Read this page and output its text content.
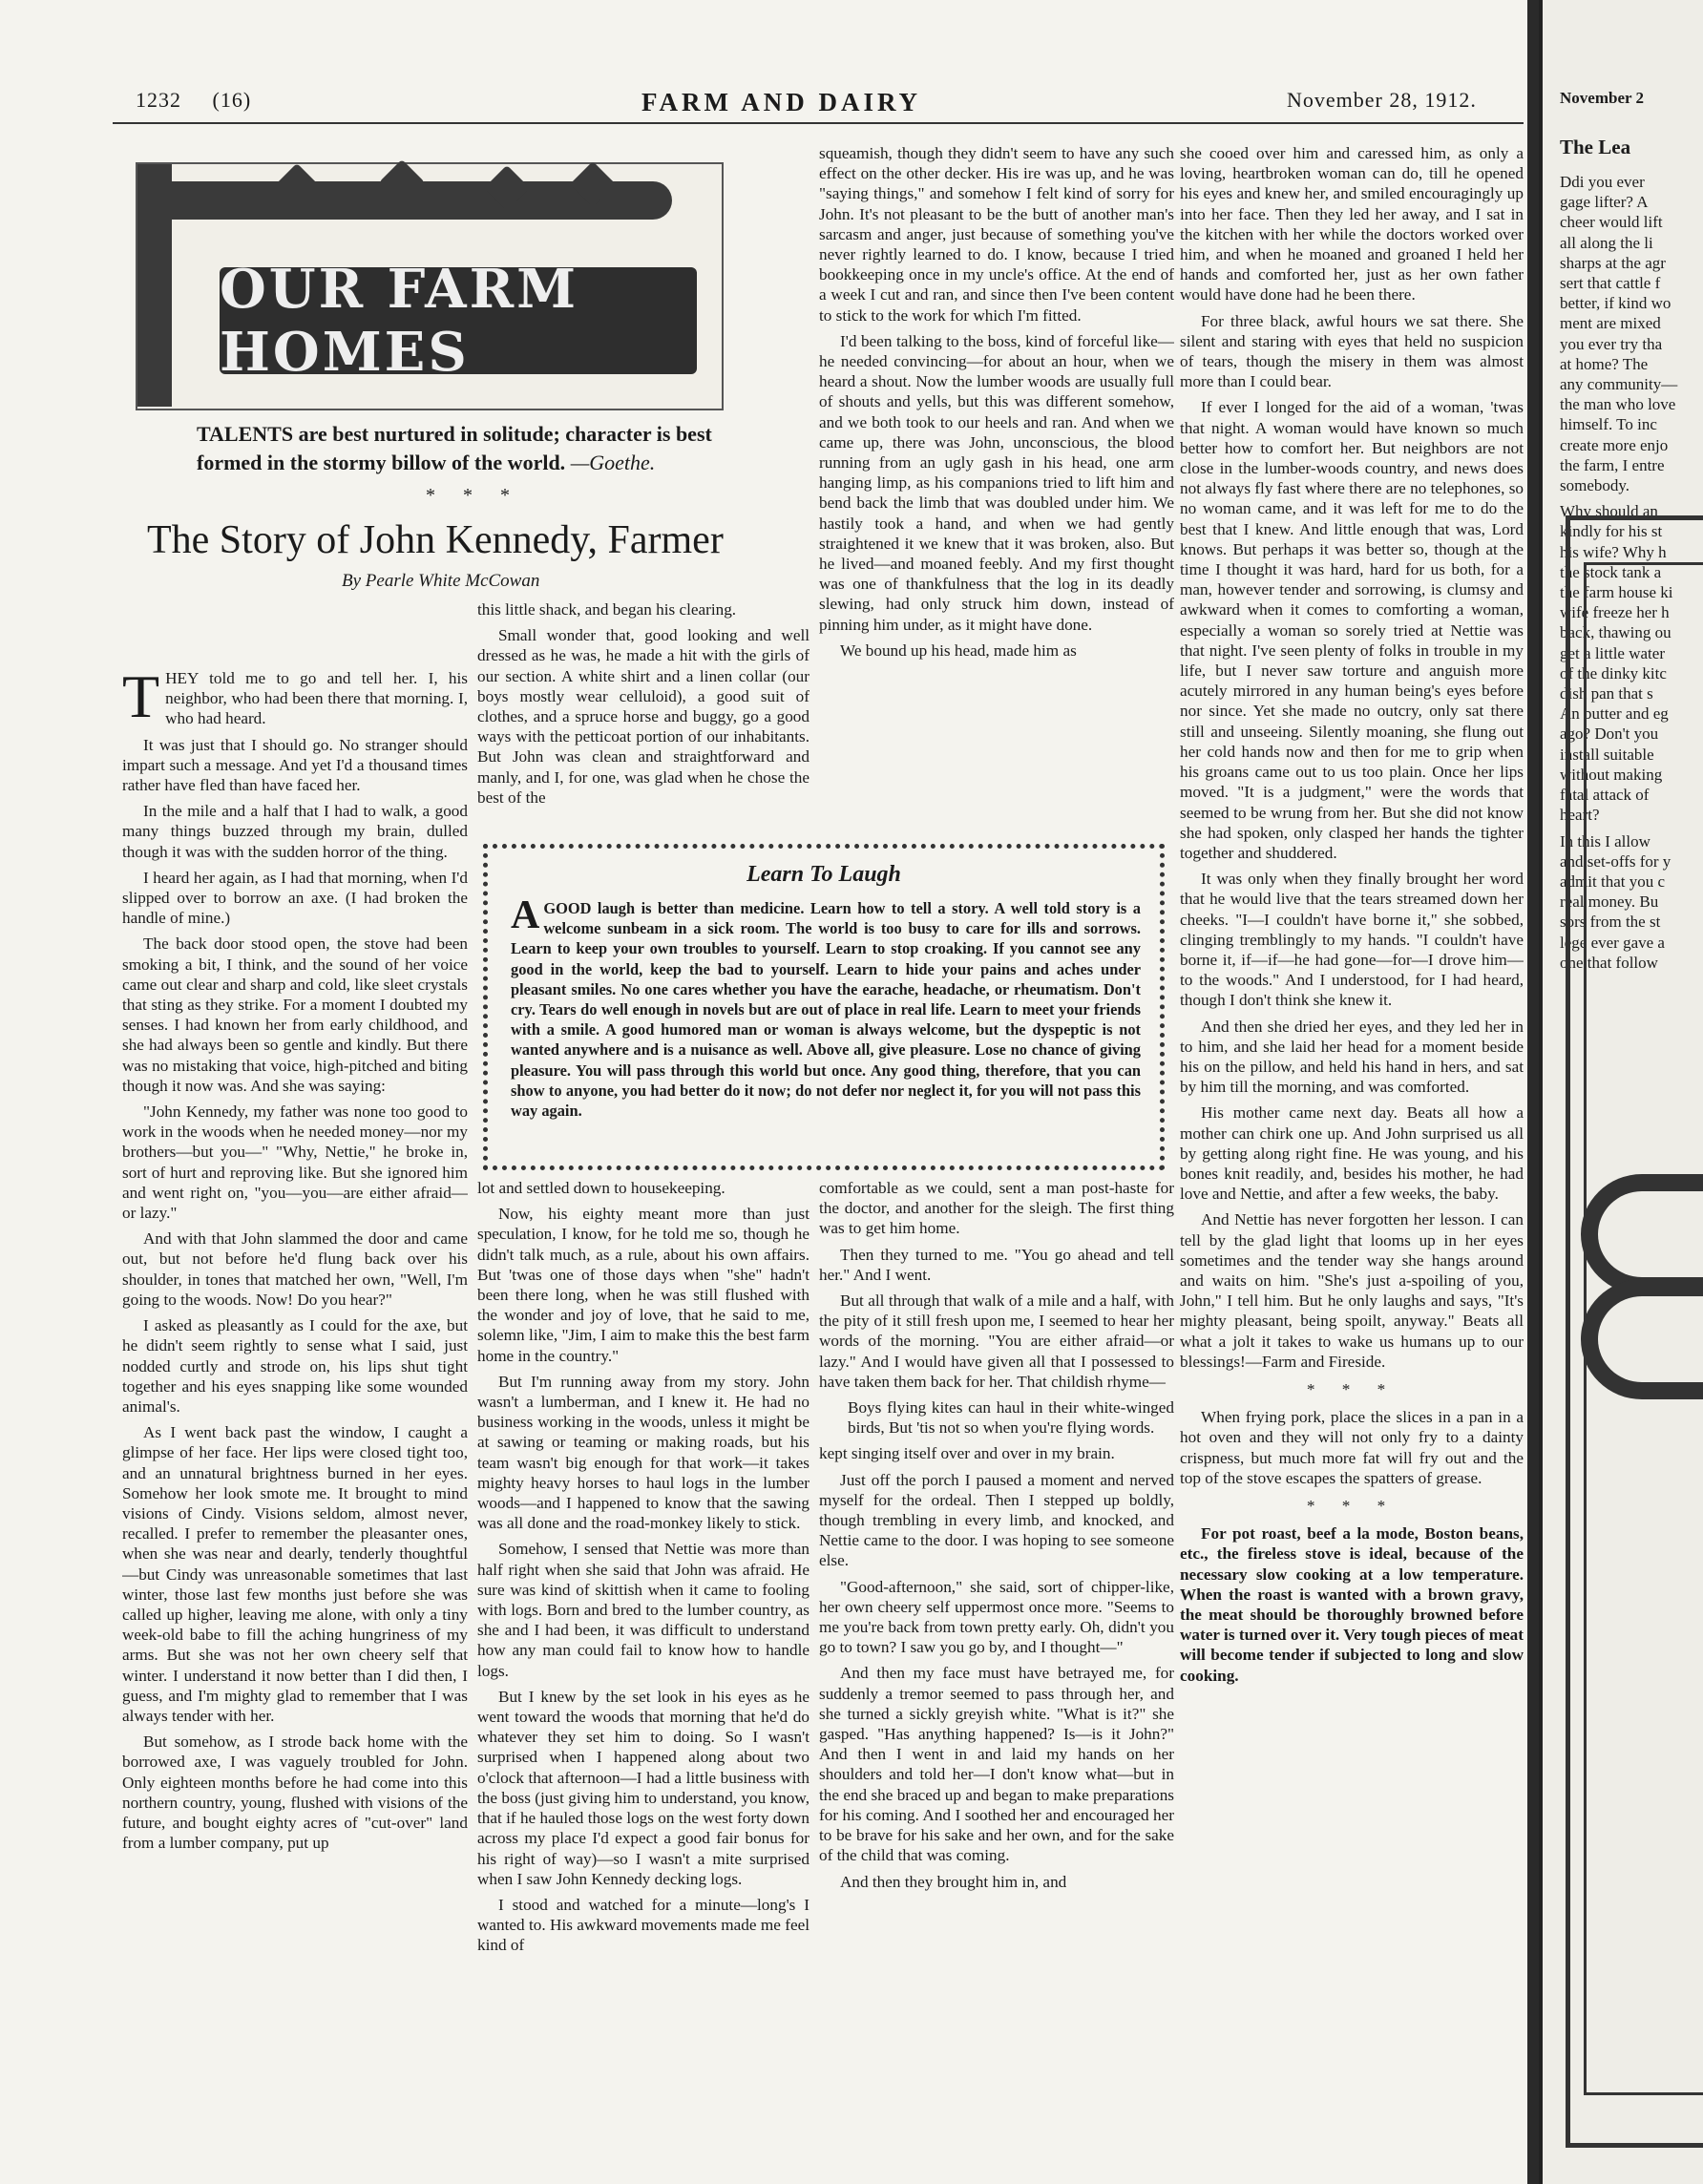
1232 (16)	FARM AND DAIRY	November 28, 1912.
OUR FARM HOMES
TALENTS are best nurtured in solitude; character is best formed in the stormy billow of the world. —Goethe.
* * *
The Story of John Kennedy, Farmer
By Pearle White McCowan

THEY told me to go and tell her. I, his neighbor, who had been there that morning. I, who had heard.

It was just that I should go. No stranger should impart such a message. And yet I'd a thousand times rather have fled than have faced her.

In the mile and a half that I had to walk, a good many things buzzed through my brain, dulled though it was with the sudden horror of the thing.

I heard her again, as I had that morning, when I'd slipped over to borrow an axe. (I had broken the handle of mine.)

The back door stood open, the stove had been smoking a bit, I think, and the sound of her voice came out clear and sharp and cold, like sleet crystals that sting as they strike. For a moment I doubted my senses. I had known her from early childhood, and she had always been so gentle and kindly. But there was no mistaking that voice, high-pitched and biting though it now was. And she was saying:

"John Kennedy, my father was none too good to work in the woods when he needed money—nor my brothers—but you—" "Why, Nettie," he broke in, sort of hurt and reproving like. But she ignored him and went right on, "you—you—are either afraid—or lazy."

And with that John slammed the door and came out, but not before he'd flung back over his shoulder, in tones that matched her own, "Well, I'm going to the woods. Now! Do you hear?"

I asked as pleasantly as I could for the axe, but he didn't seem rightly to sense what I said, just nodded curtly and strode on, his lips shut tight together and his eyes snapping like some wounded animal's.

As I went back past the window, I caught a glimpse of her face. Her lips were closed tight too, and an unnatural brightness burned in her eyes. Somehow her look smote me. It brought to mind visions of Cindy. Visions seldom, almost never, recalled. I prefer to remember the pleasanter ones, when she was near and dearly, tenderly thoughtful—but Cindy was unreasonable sometimes that last winter, those last few months just before she was called up higher, leaving me alone, with only a tiny week-old babe to fill the aching hungriness of my arms. But she was not her own cheery self that winter. I understand it now better than I did then, I guess, and I'm mighty glad to remember that I was always tender with her.

But somehow, as I strode back home with the borrowed axe, I was vaguely troubled for John. Only eighteen months before he had come into this northern country, young, flushed with visions of the future, and bought eighty acres of "cut-over" land from a lumber company, put up

this little shack, and began his clearing.

Small wonder that, good looking and well dressed as he was, he made a hit with the girls of our section. A white shirt and a linen collar (our boys mostly wear celluloid), a good suit of clothes, and a spruce horse and buggy, go a good ways with the petticoat portion of our inhabitants. But John was clean and straightforward and manly, and I, for one, was glad when he chose the best of the

squeamish, though they didn't seem to have any such effect on the other decker. His ire was up, and he was "saying things," and somehow I felt kind of sorry for John. It's not pleasant to be the butt of another man's sarcasm and anger, just because of something you've never rightly learned to do. I know, because I tried bookkeeping once in my uncle's office. At the end of a week I cut and ran, and since then I've been content to stick to the work for which I'm fitted.

I'd been talking to the boss, kind of forceful like—he needed convincing—for about an hour, when we heard a shout. Now the lumber woods are usually full of shouts and yells, but this was different somehow, and we both took to our heels and ran. And when we came up, there was John, unconscious, the blood running from an ugly gash in his head, one arm hanging limp, as his companions tried to lift him and bend back the limb that was doubled under him. We hastily took a hand, and when we had gently straightened it we knew that it was broken, also. But he lived—and moaned feebly. And my first thought was one of thankfulness that the log in its deadly slewing, had only struck him down, instead of pinning him under, as it might have done.

We bound up his head, made him as

Learn To Laugh
AGOOD laugh is better than medicine. Learn how to tell a story. A well told story is a welcome sunbeam in a sick room. The world is too busy to care for ills and sorrows. Learn to keep your own troubles to yourself. Learn to stop croaking. If you cannot see any good in the world, keep the bad to yourself. Learn to hide your pains and aches under pleasant smiles. No one cares whether you have the earache, headache, or rheumatism. Don't cry. Tears do well enough in novels but are out of place in real life. Learn to meet your friends with a smile. A good humored man or woman is always welcome, but the dyspeptic is not wanted anywhere and is a nuisance as well. Above all, give pleasure. Lose no chance of giving pleasure. You will pass through this world but once. Any good thing, therefore, that you can show to anyone, you had better do it now; do not defer nor neglect it, for you will not pass this way again.

lot and settled down to housekeeping.

Now, his eighty meant more than just speculation, I know, for he told me so, though he didn't talk much, as a rule, about his own affairs. But 'twas one of those days when "she" hadn't been there long, when he was still flushed with the wonder and joy of love, that he said to me, solemn like, "Jim, I aim to make this the best farm home in the country."

But I'm running away from my story. John wasn't a lumberman, and I knew it. He had no business working in the woods, unless it might be at sawing or teaming or making roads, but his team wasn't big enough for that work—it takes mighty heavy horses to haul logs in the lumber woods—and I happened to know that the sawing was all done and the road-monkey likely to stick.

Somehow, I sensed that Nettie was more than half right when she said that John was afraid. He sure was kind of skittish when it came to fooling with logs. Born and bred to the lumber country, as she and I had been, it was difficult to understand how any man could fail to know how to handle logs.

But I knew by the set look in his eyes as he went toward the woods that morning that he'd do whatever they set him to doing. So I wasn't surprised when I happened along about two o'clock that afternoon—I had a little business with the boss (just giving him to understand, you know, that if he hauled those logs on the west forty down across my place I'd expect a good fair bonus for his right of way)—so I wasn't a mite surprised when I saw John Kennedy decking logs.

I stood and watched for a minute—long's I wanted to. His awkward movements made me feel kind of

comfortable as we could, sent a man post-haste for the doctor, and another for the sleigh. The first thing was to get him home.

Then they turned to me. "You go ahead and tell her." And I went.

But all through that walk of a mile and a half, with the pity of it still fresh upon me, I seemed to hear her words of the morning. "You are either afraid—or lazy." And I would have given all that I possessed to have taken them back for her. That childish rhyme—

Boys flying kites can haul in their white-winged birds, But 'tis not so when you're flying words.

kept singing itself over and over in my brain.

Just off the porch I paused a moment and nerved myself for the ordeal. Then I stepped up boldly, though trembling in every limb, and knocked, and Nettie came to the door. I was hoping to see someone else.

"Good-afternoon," she said, sort of chipper-like, her own cheery self uppermost once more. "Seems to me you're back from town pretty early. Oh, didn't you go to town? I saw you go by, and I thought—"

And then my face must have betrayed me, for suddenly a tremor seemed to pass through her, and she turned a sickly greyish white. "What is it?" she gasped. "Has anything happened? Is—is it John?" And then I went in and laid my hands on her shoulders and told her—I don't know what—but in the end she braced up and began to make preparations for his coming. And I soothed her and encouraged her to be brave for his sake and her own, and for the sake of the child that was coming.

And then they brought him in, and

she cooed over him and caressed him, as only a loving, heartbroken woman can do, till he opened his eyes and knew her, and smiled encouragingly up into her face. Then they led her away, and I sat in the kitchen with her while the doctors worked over him, and when he moaned and groaned I held her hands and comforted her, just as her own father would have done had he been there.

For three black, awful hours we sat there. She silent and staring with eyes that held no suspicion of tears, though the misery in them was almost more than I could bear.

If ever I longed for the aid of a woman, 'twas that night. A woman would have known so much better how to comfort her. But neighbors are not close in the lumber-woods country, and news does not always fly fast where there are no telephones, so no woman came, and it was left for me to do the best that I knew. And little enough that was, Lord knows. But perhaps it was better so, though at the time I thought it was hard, hard for us both, for a man, however tender and sorrowing, is clumsy and awkward when it comes to comforting a woman, especially a woman so sorely tried at Nettie was that night. I've seen plenty of folks in trouble in my life, but I never saw torture and anguish more acutely mirrored in any human being's eyes before nor since. Yet she made no outcry, only sat there still and unseeing. Silently moaning, she flung out her cold hands now and then for me to grip when his groans came out to us too plain. Once her lips moved. "It is a judgment," were the words that seemed to be wrung from her. But she did not know she had spoken, only clasped her hands the tighter together and shuddered.

It was only when they finally brought her word that he would live that the tears streamed down her cheeks. "I—I couldn't have borne it," she sobbed, clinging tremblingly to my hands. "I couldn't have borne it, if—if—he had gone—for—I drove him—to the woods." And I understood, for I had heard, though I don't think she knew it.

And then she dried her eyes, and they led her in to him, and she laid her head for a moment beside his on the pillow, and held his hand in hers, and sat by him till the morning, and was comforted.

His mother came next day. Beats all how a mother can chirk one up. And John surprised us all by getting along right fine. He was young, and his bones knit readily, and, besides his mother, he had love and Nettie, and after a few weeks, the baby.

And Nettie has never forgotten her lesson. I can tell by the glad light that looms up in her eyes sometimes and the tender way she hangs around and waits on him. "She's just a-spoiling of you, John," I tell him. But he only laughs and says, "It's mighty pleasant, being spoilt, anyway." Beats all what a jolt it takes to wake us humans up to our blessings!—Farm and Fireside.

* * *

When frying pork, place the slices in a pan in a hot oven and they will not only fry to a dainty crispness, but much more fat will fry out and the top of the stove escapes the spatters of grease.

* * *

For pot roast, beef a la mode, Boston beans, etc., the fireless stove is ideal, because of the necessary slow cooking at a low temperature. When the roast is wanted with a brown gravy, the meat should be thoroughly browned before water is turned over it. Very tough pieces of meat will become tender if subjected to long and slow cooking.

November 2
The Lea
Ddi you ever
gage lifter? A
cheer would lift
all along the li
sharps at the agr
sert that cattle f
better, if kind wo
ment are mixed
you ever try tha
at home? The
any community—
the man who love
himself. To inc
create more enjo
the farm, I entre
somebody.
Why should an
kindly for his st
his wife? Why h
the stock tank a
the farm house ki
wife freeze her h
back, thawing ou
get a little water
of the dinky kitc
dish pan that s
An butter and eg
ago? Don't you
install suitable
without making
fatal attack of
heart?
In this I allow
and set-offs for y
admit that you c
real money. Bu
sors from the st
lege ever gave a
one that follow
